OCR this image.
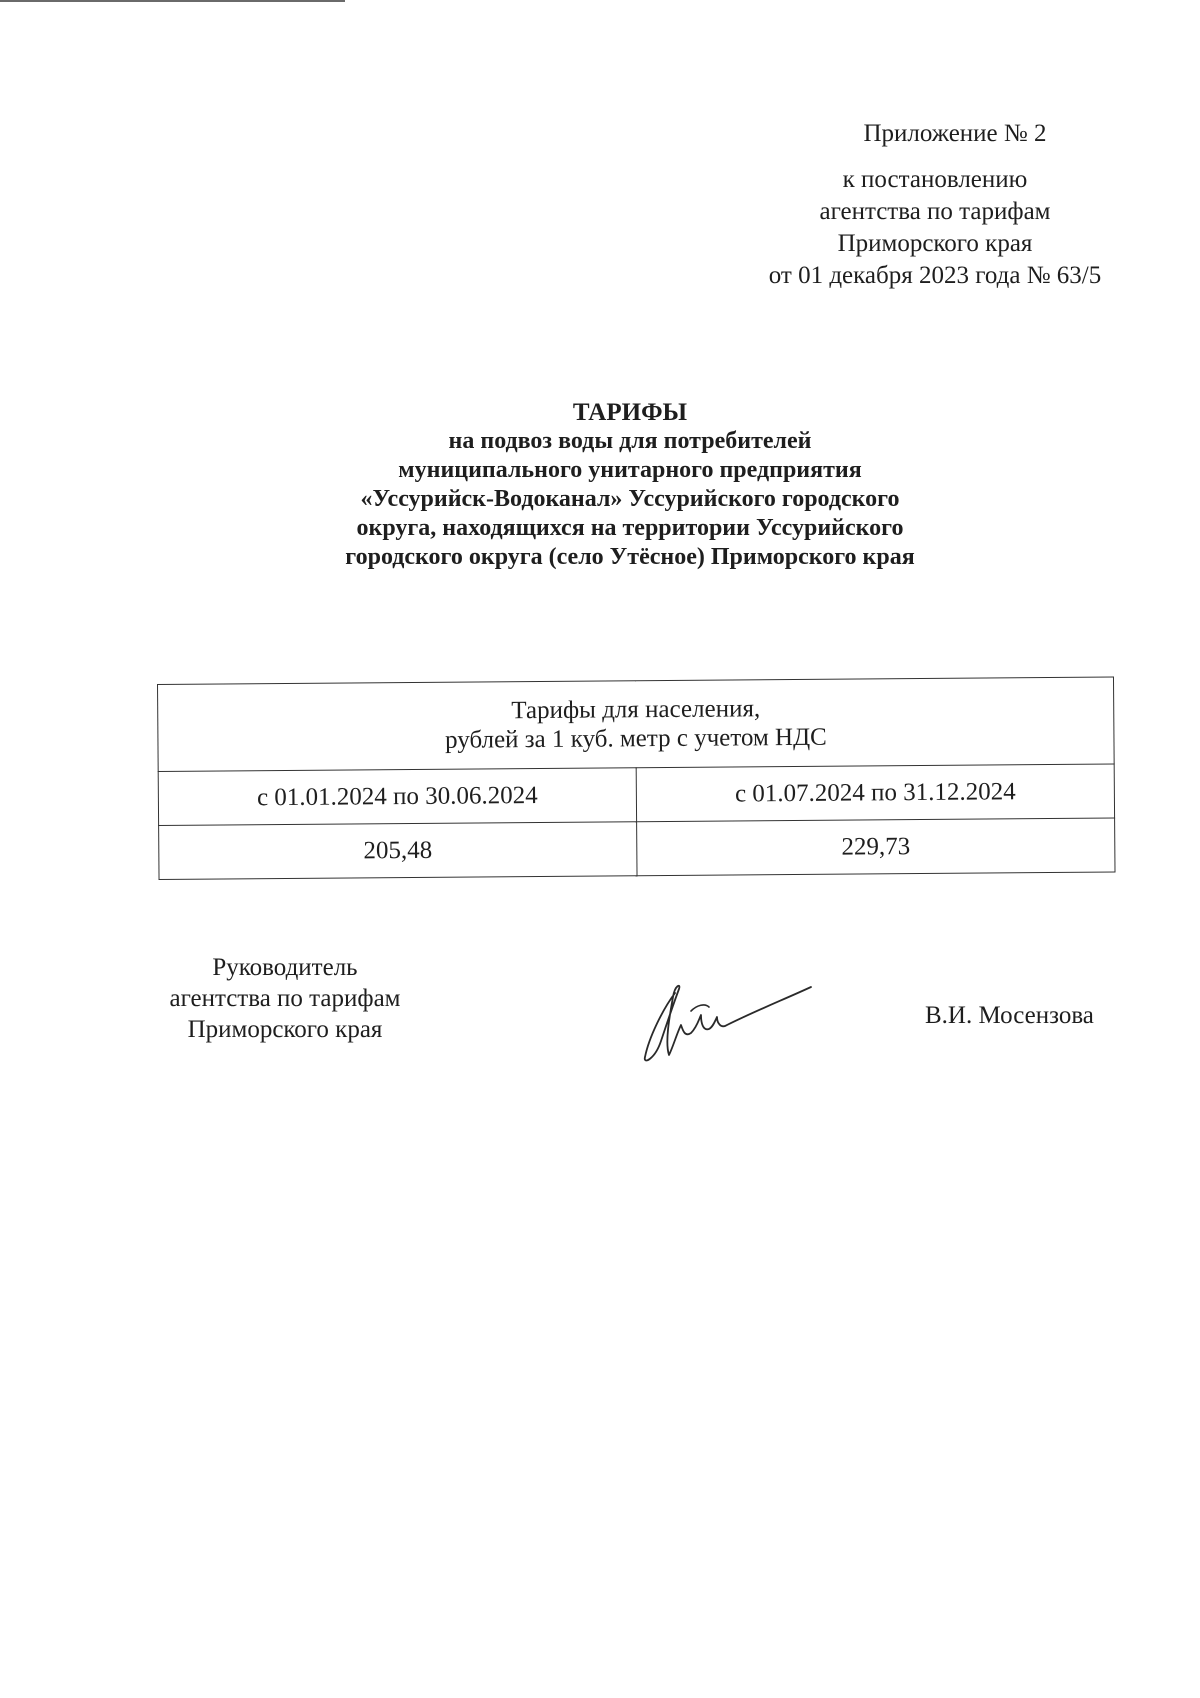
Приложение № 2
к постановлению
агентства по тарифам
Приморского края
от 01 декабря 2023 года № 63/5
ТАРИФЫ
на подвоз воды для потребителей
муниципального унитарного предприятия
«Уссурийск-Водоканал» Уссурийского городского
округа, находящихся на территории Уссурийского
городского округа (село Утёсное) Приморского края
Тарифы для населения,
рублей за 1 куб. метр с учетом НДС	
с 01.01.2024 по 30.06.2024	с 01.07.2024 по 31.12.2024
205,48	229,73
Руководитель
агентства по тарифам
Приморского края
В.И. Мосензова
